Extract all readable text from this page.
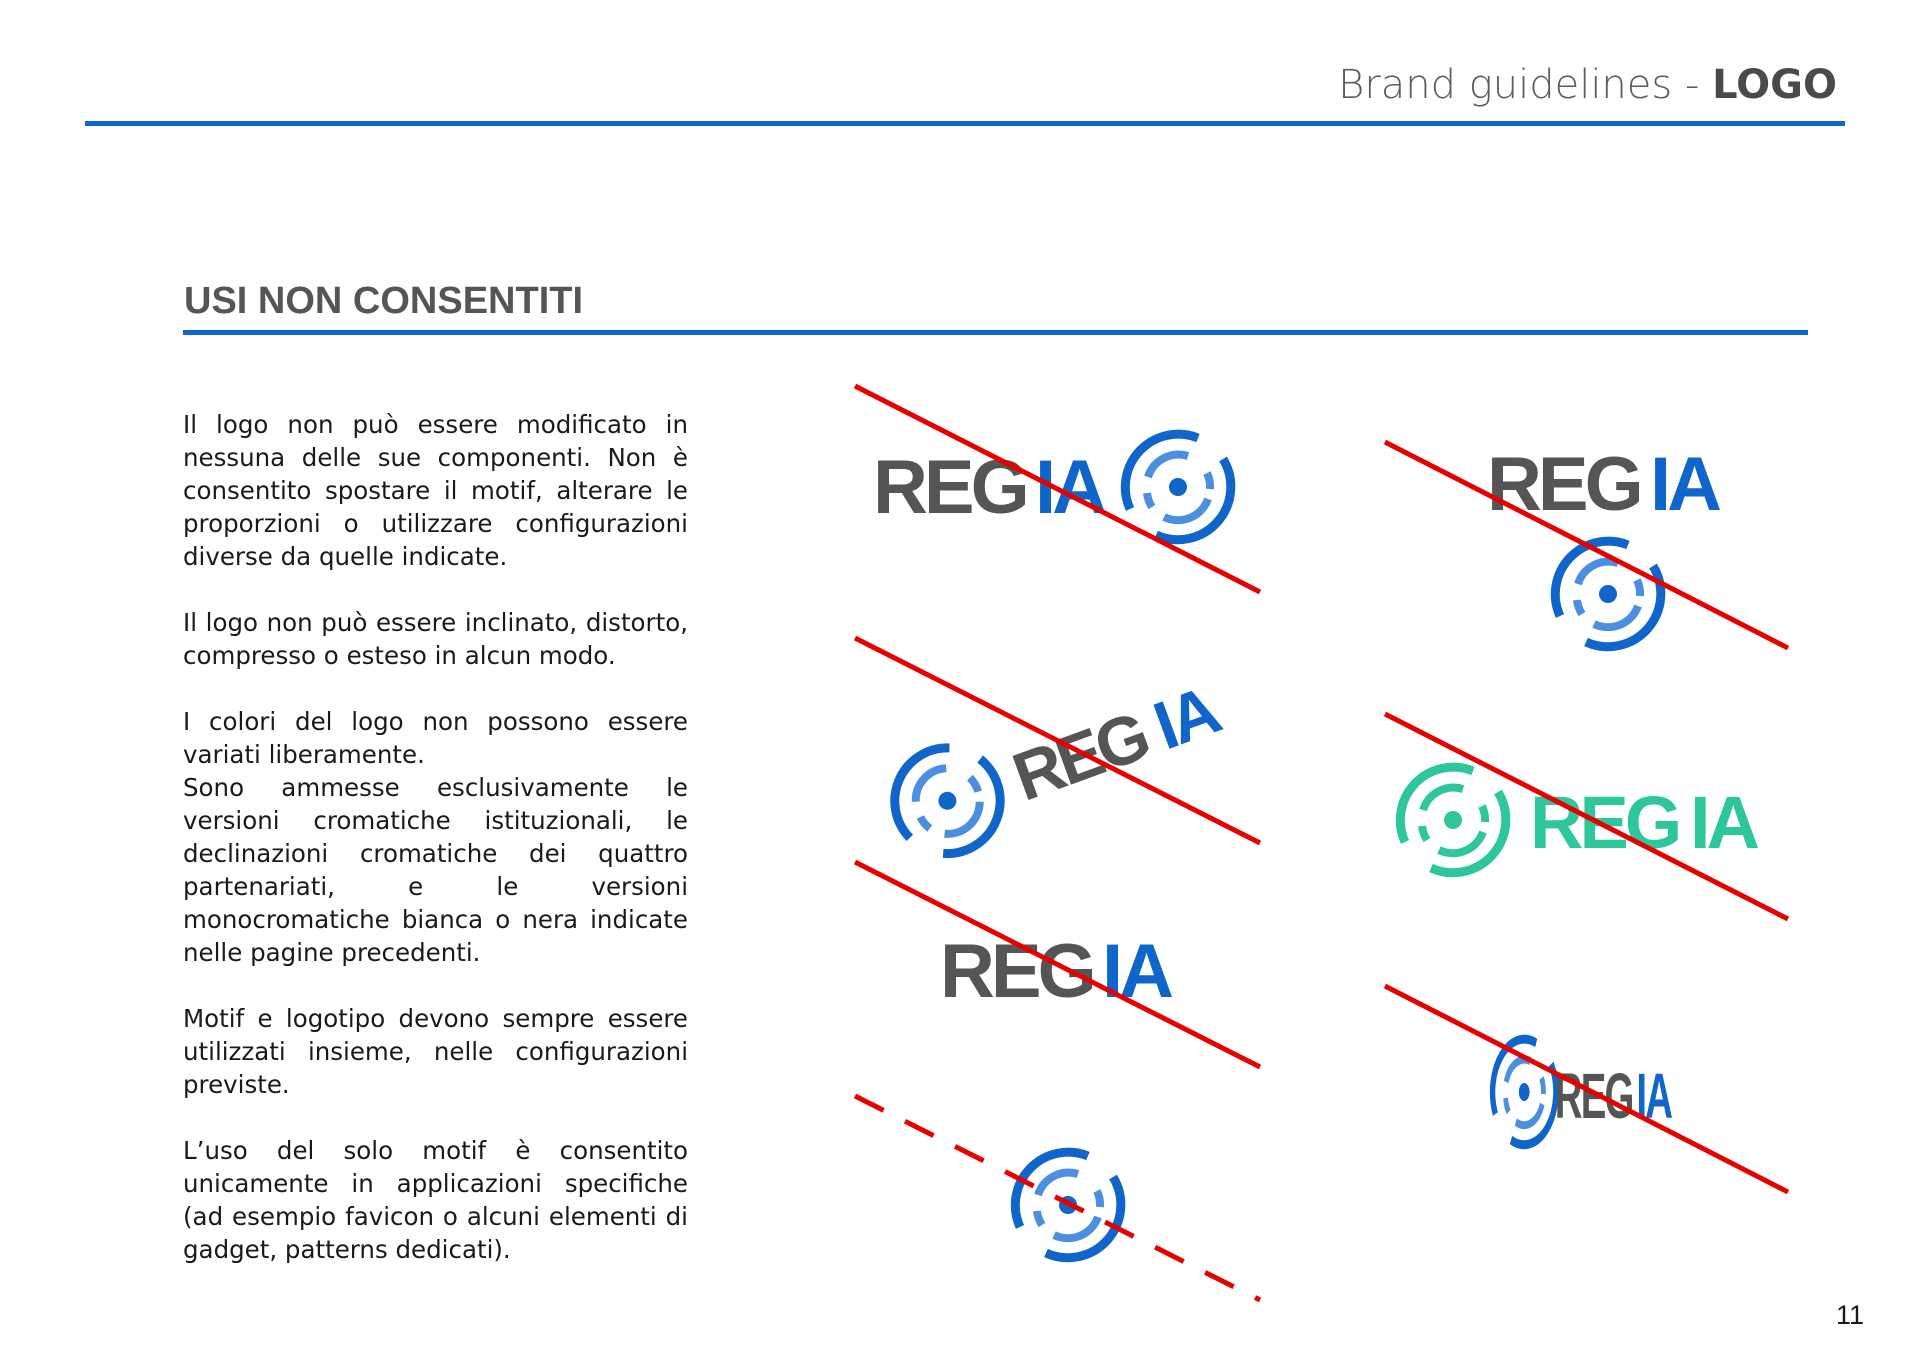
Brand guidelines - LOGO
USI NON CONSENTITI

Il logo non può essere modificato in nessuna delle sue componenti. Non è consentito spostare il motif, alterare le proporzioni o utilizzare configurazioni diverse da quelle indicate.

Il logo non può essere inclinato, distorto, compresso o esteso in alcun modo.

I colori del logo non possono essere variati liberamente.

Sono ammesse esclusivamente le versioni cromatiche istituzionali, le declinazioni cromatiche dei quattro partenariati, e le versioni monocromatiche bianca o nera indicate nelle pagine precedenti.

Motif e logotipo devono sempre essere utilizzati insieme, nelle configurazioni previste.

L’uso del solo motif è consentito unicamente in applicazioni specifiche (ad esempio favicon o alcuni elementi di gadget, patterns dedicati).

REG IA	REG IA
REG
IA
REG IA
REG IA
REG IA
11
